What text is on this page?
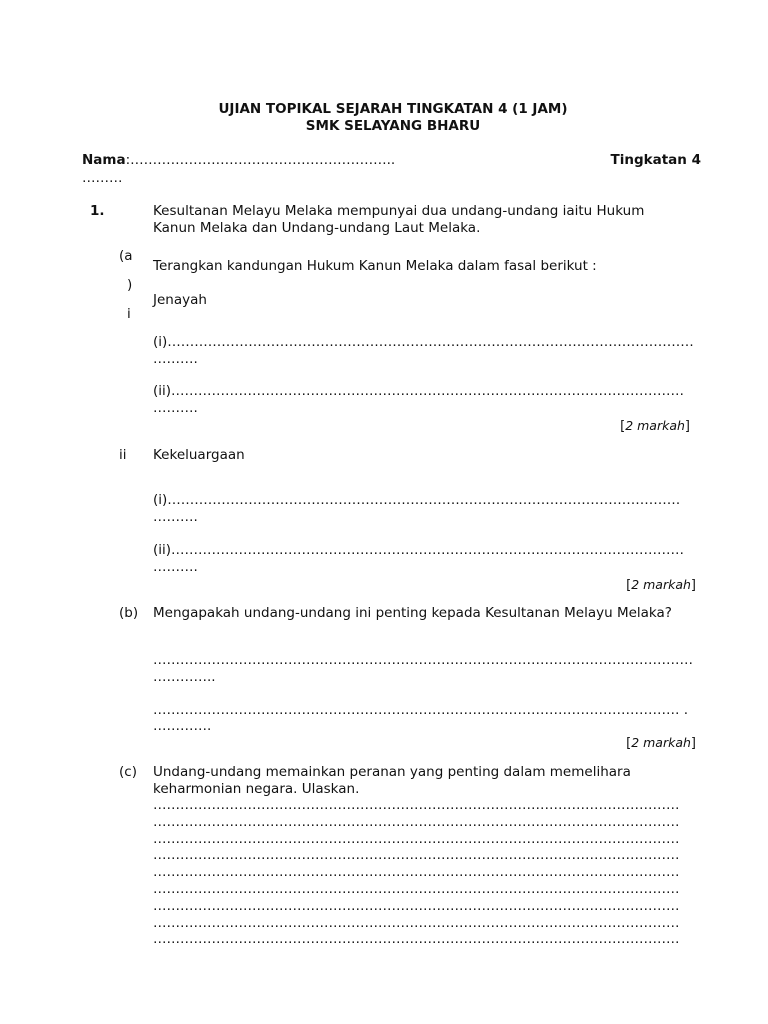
UJIAN TOPIKAL SEJARAH TINGKATAN 4 (1 JAM)
SMK SELAYANG BHARU
Nama:…………………………………………………..
………
Tingkatan 4
1.	Kesultanan Melayu Melaka mempunyai dua undang-undang iaitu Hukum Kanun Melaka dan Undang-undang Laut Melaka.
(a
)
i
Terangkan kandungan Hukum Kanun Melaka dalam fasal berikut :
Jenayah
(i)………………………………………………………………………………………………………
……….
(ii)……………………………………………………………………………………………………
……….
[2 markah]
ii Kekeluargaan
(i)……………………………………………………………………………………………………
……….
(ii)……………………………………………………………………………………………………
……….
[2 markah]
(b) Mengapakah undang-undang ini penting kepada Kesultanan Melayu Melaka?
…………………………………………………………………………………………………………
…………..
……………………………………………………………………………………………………… .
………….
[2 markah]
(c) Undang-undang memainkan peranan yang penting dalam memelihara keharmonian negara. Ulaskan.
………………………………………………………………………………………………………
………………………………………………………………………………………………………
………………………………………………………………………………………………………
………………………………………………………………………………………………………
………………………………………………………………………………………………………
………………………………………………………………………………………………………
………………………………………………………………………………………………………
………………………………………………………………………………………………………
………………………………………………………………………………………………………
